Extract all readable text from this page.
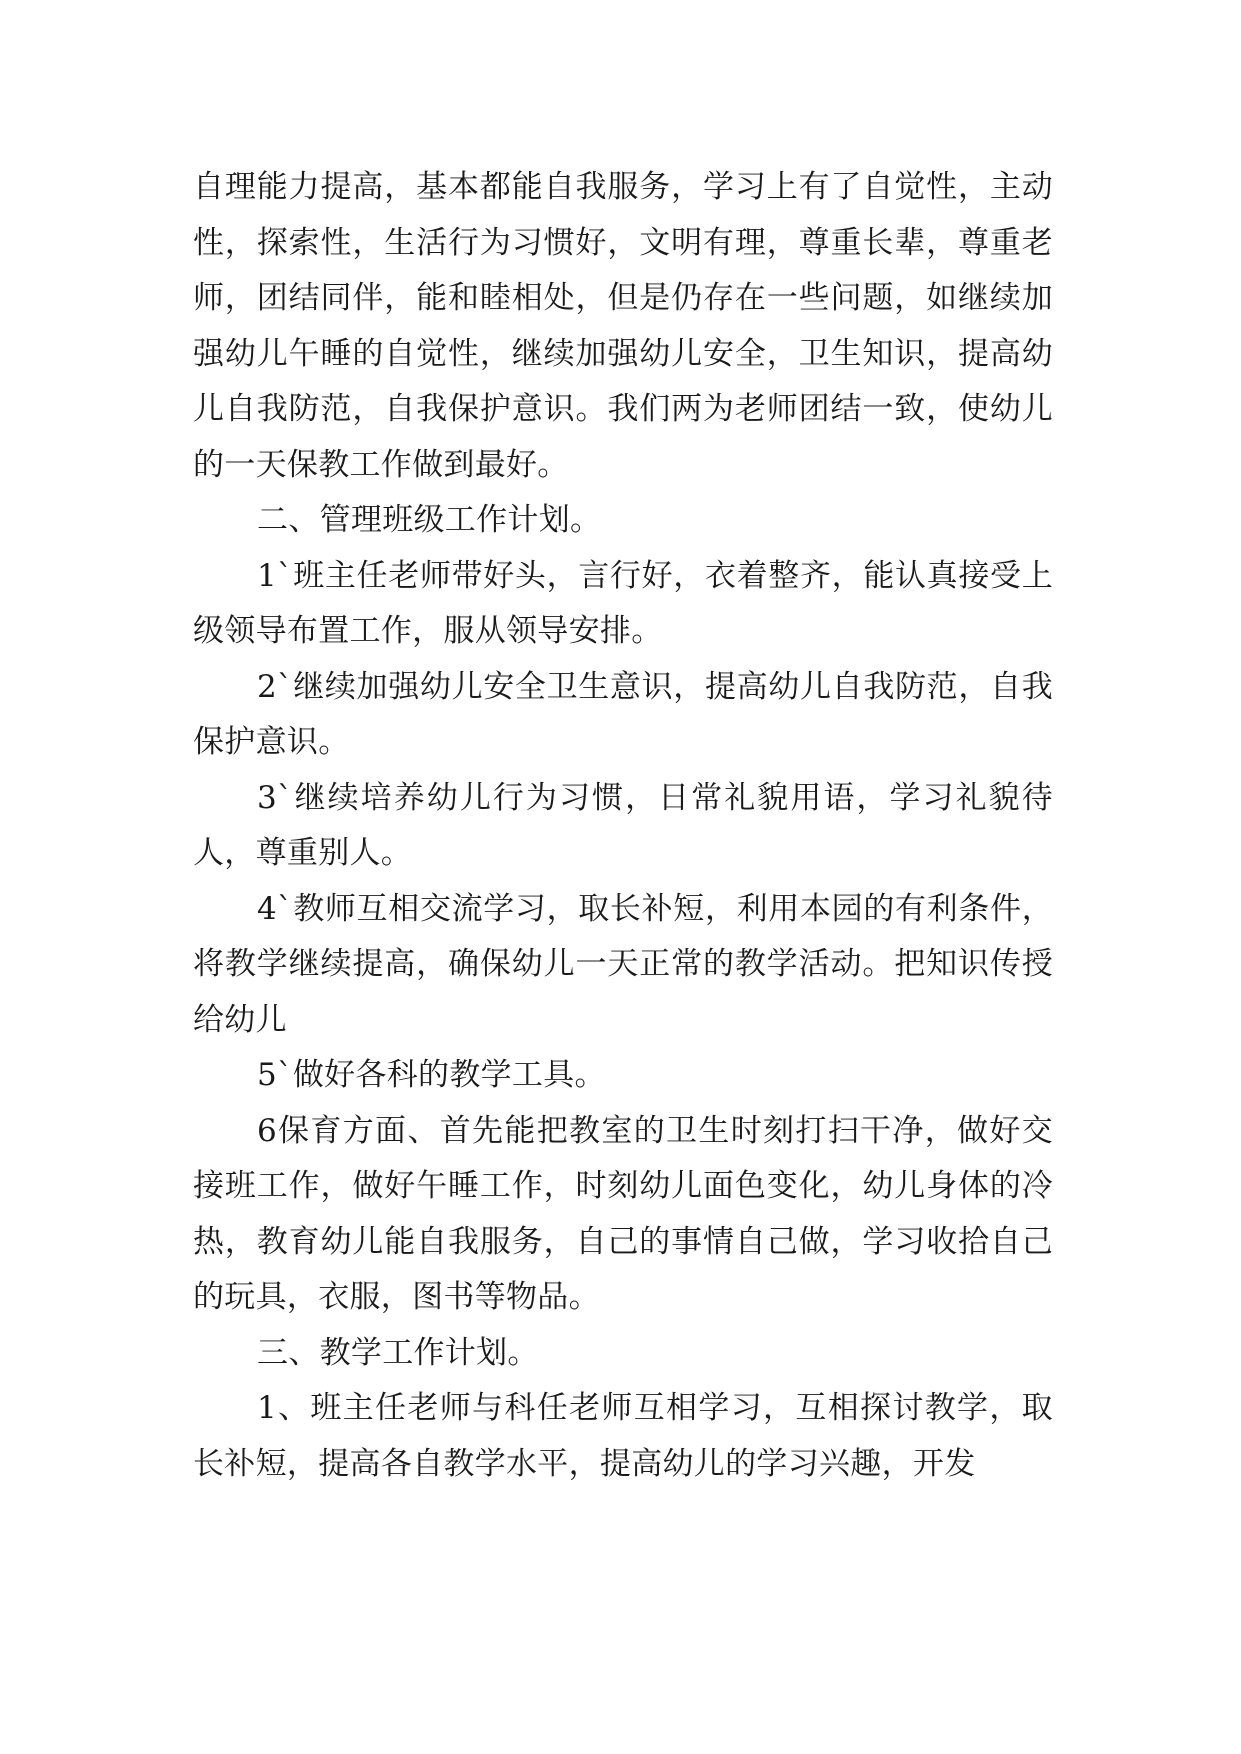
自理能力提高，基本都能自我服务，学习上有了自觉性，主动性，探索性，生活行为习惯好，文明有理，尊重长辈，尊重老师，团结同伴，能和睦相处，但是仍存在一些问题，如继续加强幼儿午睡的自觉性，继续加强幼儿安全，卫生知识，提高幼儿自我防范，自我保护意识。我们两为老师团结一致，使幼儿的一天保教工作做到最好。

二、管理班级工作计划。

1`班主任老师带好头，言行好，衣着整齐，能认真接受上级领导布置工作，服从领导安排。

2`继续加强幼儿安全卫生意识，提高幼儿自我防范，自我保护意识。

3`继续培养幼儿行为习惯，日常礼貌用语，学习礼貌待人，尊重别人。

4`教师互相交流学习，取长补短，利用本园的有利条件，将教学继续提高，确保幼儿一天正常的教学活动。把知识传授给幼儿

5`做好各科的教学工具。

6保育方面、首先能把教室的卫生时刻打扫干净，做好交接班工作，做好午睡工作，时刻幼儿面色变化，幼儿身体的冷热，教育幼儿能自我服务，自己的事情自己做，学习收拾自己的玩具，衣服，图书等物品。

三、教学工作计划。

1、班主任老师与科任老师互相学习，互相探讨教学，取长补短，提高各自教学水平，提高幼儿的学习兴趣，开发
